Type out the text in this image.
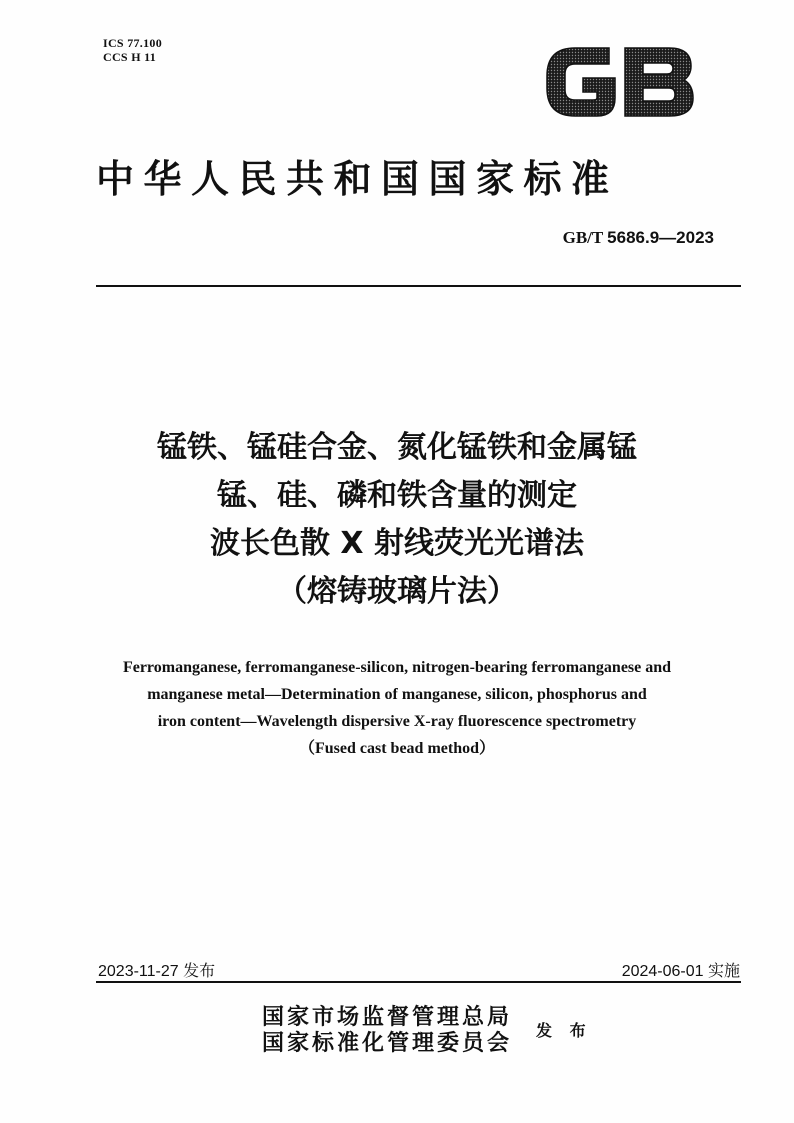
ICS 77.100
CCS H 11
中华人民共和国国家标准
GB/T 5686.9—2023
锰铁、锰硅合金、氮化锰铁和金属锰
锰、硅、磷和铁含量的测定
波长色散 X 射线荧光光谱法
（熔铸玻璃片法）
Ferromanganese, ferromanganese-silicon, nitrogen-bearing ferromanganese and
manganese metal—Determination of manganese, silicon, phosphorus and
iron content—Wavelength dispersive X-ray fluorescence spectrometry
（Fused cast bead method）
2023-11-27 发布	2024-06-01 实施
国家市场监督管理总局
国家标准化管理委员会 发 布
